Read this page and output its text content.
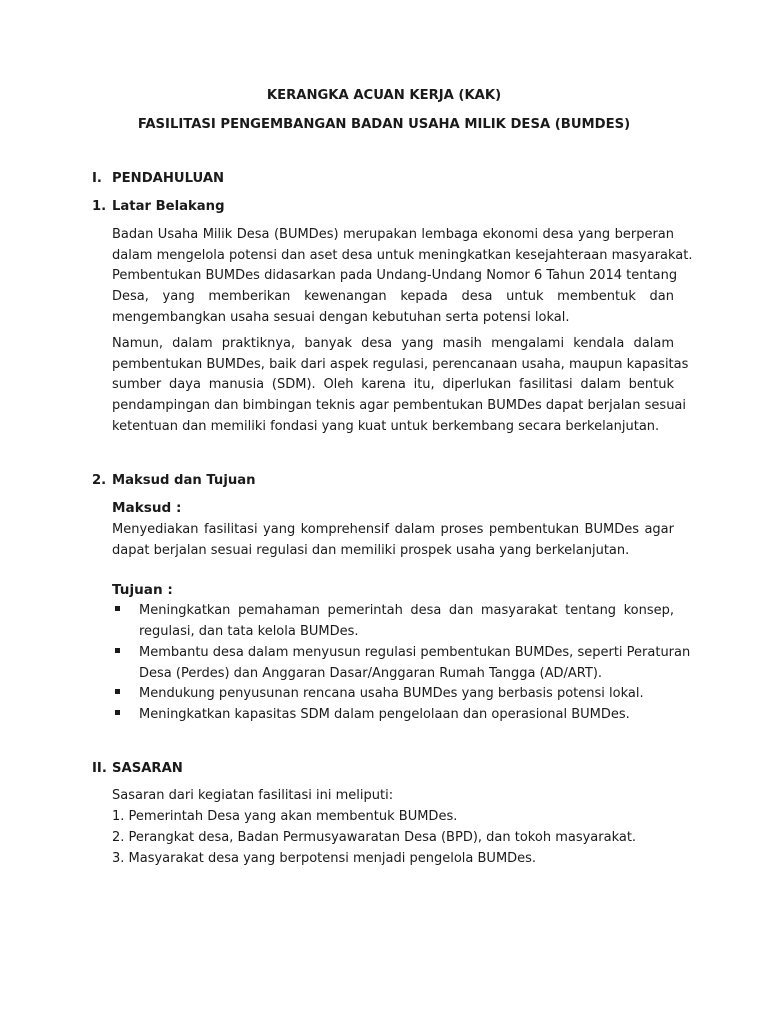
KERANGKA ACUAN KERJA (KAK)
FASILITASI PENGEMBANGAN BADAN USAHA MILIK DESA (BUMDES)
I. PENDAHULUAN
1. Latar Belakang
Badan Usaha Milik Desa (BUMDes) merupakan lembaga ekonomi desa yang berperan
dalam mengelola potensi dan aset desa untuk meningkatkan kesejahteraan masyarakat.
Pembentukan BUMDes didasarkan pada Undang-Undang Nomor 6 Tahun 2014 tentang
Desa, yang memberikan kewenangan kepada desa untuk membentuk dan
mengembangkan usaha sesuai dengan kebutuhan serta potensi lokal.
Namun, dalam praktiknya, banyak desa yang masih mengalami kendala dalam
pembentukan BUMDes, baik dari aspek regulasi, perencanaan usaha, maupun kapasitas
sumber daya manusia (SDM). Oleh karena itu, diperlukan fasilitasi dalam bentuk
pendampingan dan bimbingan teknis agar pembentukan BUMDes dapat berjalan sesuai
ketentuan dan memiliki fondasi yang kuat untuk berkembang secara berkelanjutan.
2. Maksud dan Tujuan
Maksud :
Menyediakan fasilitasi yang komprehensif dalam proses pembentukan BUMDes agar
dapat berjalan sesuai regulasi dan memiliki prospek usaha yang berkelanjutan.
Tujuan :
Meningkatkan pemahaman pemerintah desa dan masyarakat tentang konsep,
regulasi, dan tata kelola BUMDes.
Membantu desa dalam menyusun regulasi pembentukan BUMDes, seperti Peraturan
Desa (Perdes) dan Anggaran Dasar/Anggaran Rumah Tangga (AD/ART).
Mendukung penyusunan rencana usaha BUMDes yang berbasis potensi lokal.
Meningkatkan kapasitas SDM dalam pengelolaan dan operasional BUMDes.
II. SASARAN
Sasaran dari kegiatan fasilitasi ini meliputi:
1. Pemerintah Desa yang akan membentuk BUMDes.
2. Perangkat desa, Badan Permusyawaratan Desa (BPD), dan tokoh masyarakat.
3. Masyarakat desa yang berpotensi menjadi pengelola BUMDes.
